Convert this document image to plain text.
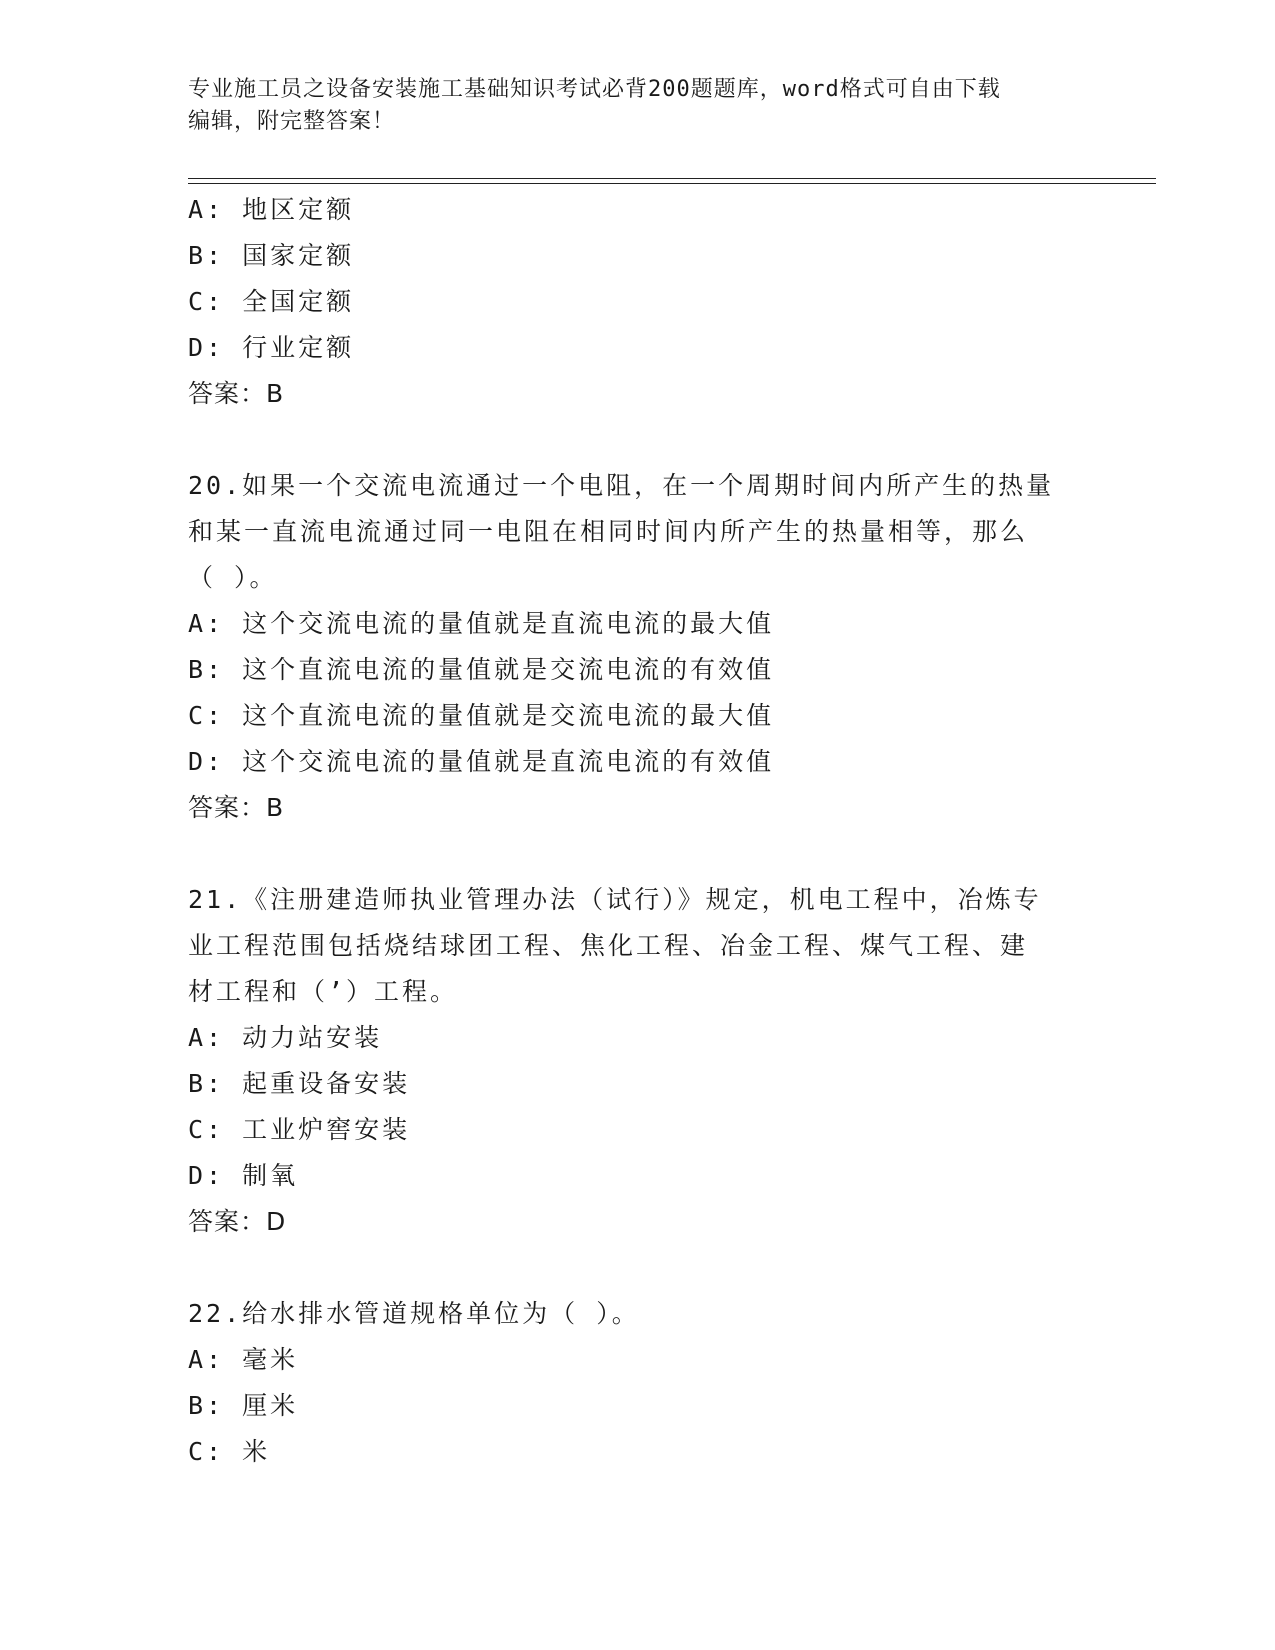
专业施工员之设备安装施工基础知识考试必背200题题库，word格式可自由下载
编辑，附完整答案！
A: 地区定额
B: 国家定额
C: 全国定额
D: 行业定额
答案：B
20.如果一个交流电流通过一个电阻，在一个周期时间内所产生的热量
和某一直流电流通过同一电阻在相同时间内所产生的热量相等，那么
（ ）。
A: 这个交流电流的量值就是直流电流的最大值
B: 这个直流电流的量值就是交流电流的有效值
C: 这个直流电流的量值就是交流电流的最大值
D: 这个交流电流的量值就是直流电流的有效值
答案：B
21.《注册建造师执业管理办法（试行）》规定，机电工程中，冶炼专
业工程范围包括烧结球团工程、焦化工程、冶金工程、煤气工程、建
材工程和（’）工程。
A: 动力站安装
B: 起重设备安装
C: 工业炉窖安装
D: 制氧
答案：D
22.给水排水管道规格单位为（ ）。
A: 毫米
B: 厘米
C: 米
